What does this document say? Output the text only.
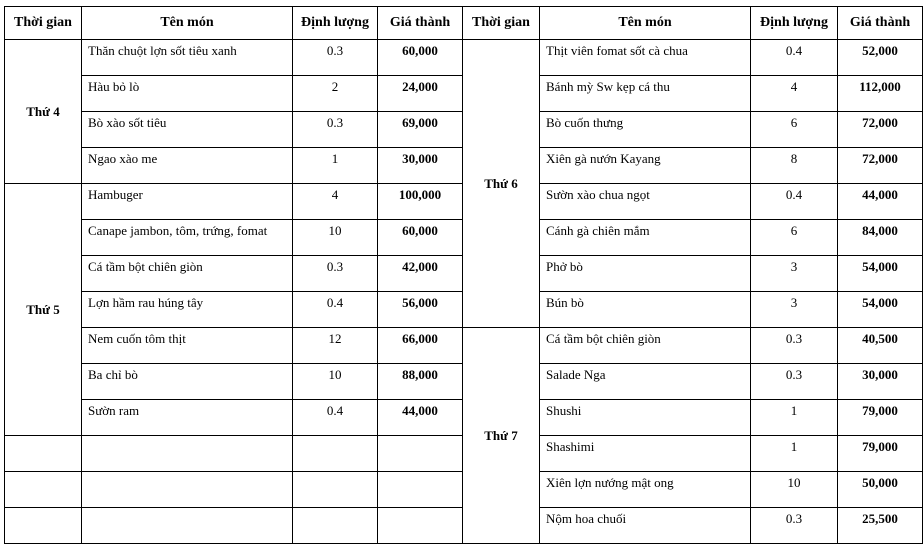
Thời gian	Tên món	Định lượng	Giá thành	Thời gian	Tên món	Định lượng	Giá thành
Thứ 4	Thăn chuột lợn sốt tiêu xanh	0.3	60,000	Thứ 6	Thịt viên fomat sốt cà chua	0.4	52,000
	Hàu bỏ lò	2	24,000		Bánh mỳ Sw kẹp cá thu	4	112,000
	Bò xào sốt tiêu	0.3	69,000		Bò cuốn thưng	6	72,000
	Ngao xào me	1	30,000		Xiên gà nướn Kayang	8	72,000
Thứ 5	Hambuger	4	100,000		Sườn xào chua ngọt	0.4	44,000
	Canape jambon, tôm, trứng, fomat	10	60,000		Cánh gà chiên mắm	6	84,000
	Cá tầm bột chiên giòn	0.3	42,000		Phở bò	3	54,000
	Lợn hầm rau húng tây	0.4	56,000		Bún bò	3	54,000
	Nem cuốn tôm thịt	12	66,000	Thứ 7	Cá tầm bột chiên giòn	0.3	40,500
	Ba chỉ bò	10	88,000		Salade Nga	0.3	30,000
	Sườn ram	0.4	44,000		Shushi	1	79,000
					Shashimi	1	79,000
					Xiên lợn nướng mật ong	10	50,000
					Nộm hoa chuối	0.3	25,500
